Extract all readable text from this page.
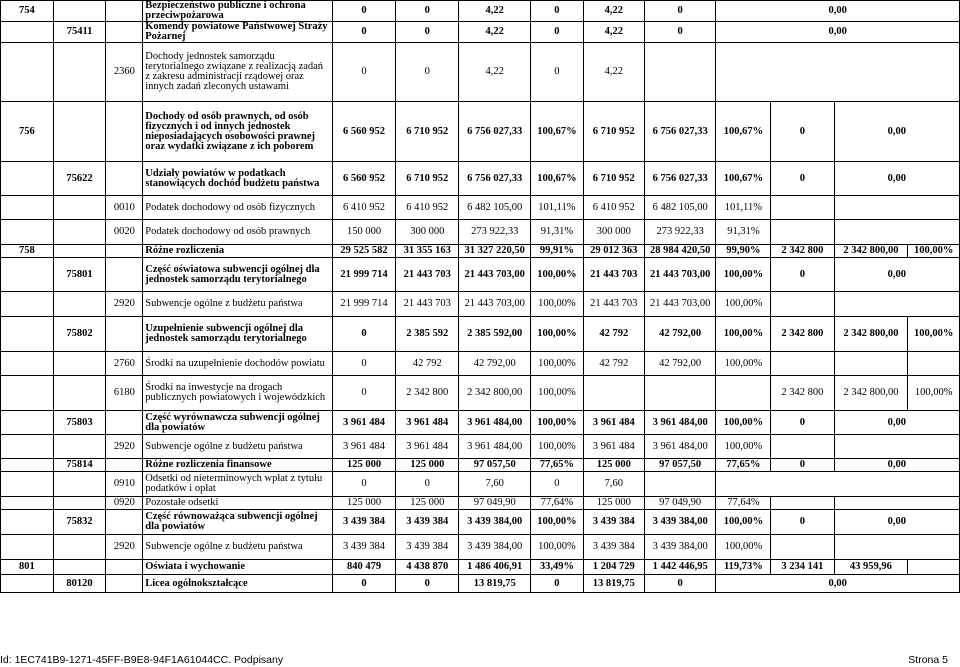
754			Bezpieczeństwo publiczne i ochrona przeciwpożarowa	0	0	4,22	0	4,22	0	0,00			
	75411		Komendy powiatowe Państwowej Straży Pożarnej	0	0	4,22	0	4,22	0	0,00			
		2360	Dochody jednostek samorządu terytorialnego związane z realizacją zadań z zakresu administracji rządowej oraz innych zadań zleconych ustawami	0	0	4,22	0	4,22					
756			Dochody od osób prawnych, od osób fizycznych i od innych jednostek nieposiadających osobowości prawnej oraz wydatki związane z ich poborem	6 560 952	6 710 952	6 756 027,33	100,67%	6 710 952	6 756 027,33	100,67%	0	0,00	
	75622		Udziały powiatów w podatkach stanowiących dochód budżetu państwa	6 560 952	6 710 952	6 756 027,33	100,67%	6 710 952	6 756 027,33	100,67%	0	0,00	
		0010	Podatek dochodowy od osób fizycznych	6 410 952	6 410 952	6 482 105,00	101,11%	6 410 952	6 482 105,00	101,11%			
		0020	Podatek dochodowy od osób prawnych	150 000	300 000	273 922,33	91,31%	300 000	273 922,33	91,31%			
758			Różne rozliczenia	29 525 582	31 355 163	31 327 220,50	99,91%	29 012 363	28 984 420,50	99,90%	2 342 800	2 342 800,00	100,00%
	75801		Część oświatowa subwencji ogólnej dla jednostek samorządu terytorialnego	21 999 714	21 443 703	21 443 703,00	100,00%	21 443 703	21 443 703,00	100,00%	0	0,00	
		2920	Subwencje ogólne z budżetu państwa	21 999 714	21 443 703	21 443 703,00	100,00%	21 443 703	21 443 703,00	100,00%			
	75802		Uzupełnienie subwencji ogólnej dla jednostek samorządu terytorialnego	0	2 385 592	2 385 592,00	100,00%	42 792	42 792,00	100,00%	2 342 800	2 342 800,00	100,00%
		2760	Środki na uzupełnienie dochodów powiatu	0	42 792	42 792,00	100,00%	42 792	42 792,00	100,00%			
		6180	Środki na inwestycje na drogach publicznych powiatowych i wojewódzkich	0	2 342 800	2 342 800,00	100,00%				2 342 800	2 342 800,00	100,00%
	75803		Część wyrównawcza subwencji ogólnej dla powiatów	3 961 484	3 961 484	3 961 484,00	100,00%	3 961 484	3 961 484,00	100,00%	0	0,00	
		2920	Subwencje ogólne z budżetu państwa	3 961 484	3 961 484	3 961 484,00	100,00%	3 961 484	3 961 484,00	100,00%			
	75814		Różne rozliczenia finansowe	125 000	125 000	97 057,50	77,65%	125 000	97 057,50	77,65%	0	0,00	
		0910	Odsetki od nieterminowych wpłat z tytułu podatków i opłat	0	0	7,60	0	7,60					
		0920	Pozostałe odsetki	125 000	125 000	97 049,90	77,64%	125 000	97 049,90	77,64%			
	75832		Część równoważąca subwencji ogólnej dla powiatów	3 439 384	3 439 384	3 439 384,00	100,00%	3 439 384	3 439 384,00	100,00%	0	0,00	
		2920	Subwencje ogólne z budżetu państwa	3 439 384	3 439 384	3 439 384,00	100,00%	3 439 384	3 439 384,00	100,00%			
801			Oświata i wychowanie	840 479	4 438 870	1 486 406,91	33,49%	1 204 729	1 442 446,95	119,73%	3 234 141	43 959,96	
	80120		Licea ogólnokształcące	0	0	13 819,75	0	13 819,75	0	0,00			
Id: 1EC741B9-1271-45FF-B9E8-94F1A61044CC. Podpisany	Strona 5
